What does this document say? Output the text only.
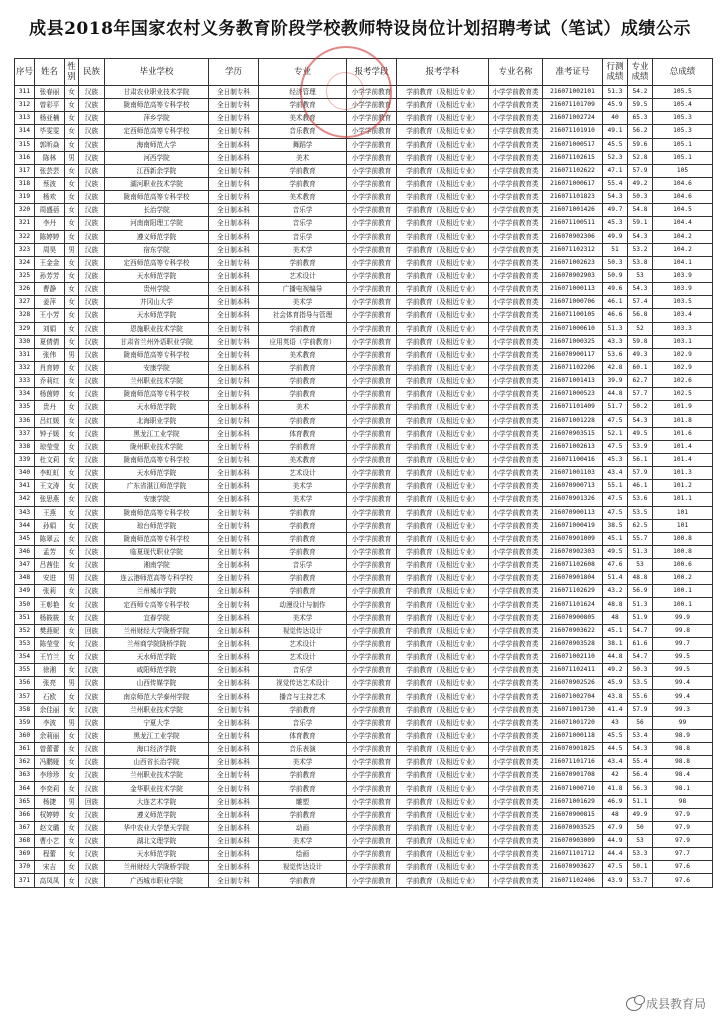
成县2018年国家农村义务教育阶段学校教师特设岗位计划招聘考试（笔试）成绩公示
序号	姓名	性别	民族	毕业学校	学历	专业	报考学段	报考学科	专业名称	准考证号	行测成绩	专业成绩	总成绩
311	张春丽	女	汉族	甘肃农业职业技术学院	全日制专科	经济管理	小学学前教育	学前教育（及相近专业）	小学学前教育类	216071002101	51.3	54.2	105.5
312	曾彩平	女	汉族	陇南师范高等专科学校	全日制专科	学前教育	小学学前教育	学前教育（及相近专业）	小学学前教育类	216071101709	45.9	59.5	105.4
313	杨亚楠	女	汉族	萍乡学院	全日制专科	美术教育	小学学前教育	学前教育（及相近专业）	小学学前教育类	216071002724	40	65.3	105.3
314	毕雯雯	女	汉族	定西师范高等专科学校	全日制专科	音乐教育	小学学前教育	学前教育（及相近专业）	小学学前教育类	216071101910	49.1	56.2	105.3
315	郭昕焱	女	汉族	海南师范大学	全日制本科	舞蹈学	小学学前教育	学前教育（及相近专业）	小学学前教育类	216071000517	45.5	59.6	105.1
316	陈林	男	汉族	河西学院	全日制本科	美术	小学学前教育	学前教育（及相近专业）	小学学前教育类	216071102615	52.3	52.8	105.1
317	张芸芸	女	汉族	江西新余学院	全日制专科	学前教育	小学学前教育	学前教育（及相近专业）	小学学前教育类	216071102622	47.1	57.9	105
318	蔡波	女	汉族	湖河职业技术学院	全日制专科	学前教育	小学学前教育	学前教育（及相近专业）	小学学前教育类	216071000617	55.4	49.2	104.6
319	杨欢	女	汉族	陇南师范高等专科学校	全日制专科	美术教育	小学学前教育	学前教育（及相近专业）	小学学前教育类	216071101823	54.3	50.3	104.6
320	周盛蓓	女	汉族	长治学院	全日制本科	音乐学	小学学前教育	学前教育（及相近专业）	小学学前教育类	216071001426	49.7	54.8	104.5
321	李丹	女	汉族	河南南阳理工学院	全日制本科	音乐学	小学学前教育	学前教育（及相近专业）	小学学前教育类	216071100511	45.3	59.1	104.4
322	陈婷婷	女	汉族	遵义师范学院	全日制本科	音乐学	小学学前教育	学前教育（及相近专业）	小学学前教育类	216070902306	49.9	54.3	104.2
323	周昊	男	汉族	宿东学院	全日制本科	美术学	小学学前教育	学前教育（及相近专业）	小学学前教育类	216071102312	51	53.2	104.2
324	王金金	女	汉族	定西师范高等专科学校	全日制专科	学前教育	小学学前教育	学前教育（及相近专业）	小学学前教育类	216071002623	50.3	53.8	104.1
325	孙芳芳	女	汉族	天水师范学院	全日制本科	艺术设计	小学学前教育	学前教育（及相近专业）	小学学前教育类	216070902903	50.9	53	103.9
326	曹静	女	汉族	贵州学院	全日制本科	广播电视编导	小学学前教育	学前教育（及相近专业）	小学学前教育类	216071000113	49.6	54.3	103.9
327	姜萍	女	汉族	井冈山大学	全日制本科	美术学	小学学前教育	学前教育（及相近专业）	小学学前教育类	216071000706	46.1	57.4	103.5
328	王小芳	女	汉族	天水师范学院	全日制本科	社会体育指导与管理	小学学前教育	学前教育（及相近专业）	小学学前教育类	216071100105	46.6	56.8	103.4
329	刘娟	女	汉族	恩施职业技术学院	全日制专科	学前教育	小学学前教育	学前教育（及相近专业）	小学学前教育类	216071000610	51.3	52	103.3
330	夏倩倩	女	汉族	甘肃省兰州外语职业学院	全日制专科	应用英语（学前教育）	小学学前教育	学前教育（及相近专业）	小学学前教育类	216071000325	43.3	59.8	103.1
331	张伟	男	汉族	陇南师范高等专科学校	全日制专科	美术教育	小学学前教育	学前教育（及相近专业）	小学学前教育类	216070900117	53.6	49.3	102.9
332	肖育婷	女	汉族	安康学院	全日制本科	学前教育	小学学前教育	学前教育（及相近专业）	小学学前教育类	216071102206	42.8	60.1	102.9
333	乔莉红	女	汉族	兰州职业技术学院	全日制专科	学前教育	小学学前教育	学前教育（及相近专业）	小学学前教育类	216071001413	39.9	62.7	102.6
334	杨茵婷	女	汉族	陇南师范高等专科学校	全日制专科	学前教育	小学学前教育	学前教育（及相近专业）	小学学前教育类	216071000523	44.8	57.7	102.5
335	贵丹	女	汉族	天水师范学院	全日制本科	美术	小学学前教育	学前教育（及相近专业）	小学学前教育类	216071101409	51.7	50.2	101.9
336	吕红媛	女	汉族	北海职业学院	全日制专科	学前教育	小学学前教育	学前教育（及相近专业）	小学学前教育类	216071001228	47.5	54.3	101.8
337	钟子媛	女	汉族	黑龙江工业学院	全日制本科	体育教育	小学学前教育	学前教育（及相近专业）	小学学前教育类	216070903515	52.1	49.5	101.6
338	琼莹莹	女	汉族	陇州职业技术学院	全日制专科	学前教育	小学学前教育	学前教育（及相近专业）	小学学前教育类	216071002613	47.5	53.9	101.4
339	杜文莉	女	汉族	陇南师范高等专科学校	全日制专科	美术教育	小学学前教育	学前教育（及相近专业）	小学学前教育类	216071100416	45.3	56.1	101.4
340	李虹虹	女	汉族	天水师范学院	全日制本科	艺术设计	小学学前教育	学前教育（及相近专业）	小学学前教育类	216071001103	43.4	57.9	101.3
341	王文涛	女	汉族	广东省湛江师范学院	全日制本科	美术学	小学学前教育	学前教育（及相近专业）	小学学前教育类	216070900713	55.1	46.1	101.2
342	张思燕	女	汉族	安康学院	全日制本科	美术学	小学学前教育	学前教育（及相近专业）	小学学前教育类	216070901326	47.5	53.6	101.1
343	王燕	女	汉族	陇南师范高等专科学校	全日制专科	学前教育	小学学前教育	学前教育（及相近专业）	小学学前教育类	216070900113	47.5	53.5	101
344	孙娟	女	汉族	琼台师范学院	全日制专科	学前教育	小学学前教育	学前教育（及相近专业）	小学学前教育类	216071000419	38.5	62.5	101
345	陈翠云	女	汉族	陇南师范高等专科学校	全日制专科	学前教育	小学学前教育	学前教育（及相近专业）	小学学前教育类	216070901009	45.1	55.7	100.8
346	孟芳	女	汉族	临夏现代职业学院	全日制专科	学前教育	小学学前教育	学前教育（及相近专业）	小学学前教育类	216070902303	49.5	51.3	100.8
347	吕茜佳	女	汉族	湘南学院	全日制本科	音乐学	小学学前教育	学前教育（及相近专业）	小学学前教育类	216071102608	47.6	53	100.6
348	安进	男	汉族	连云港师范高等专科学校	全日制专科	学前教育	小学学前教育	学前教育（及相近专业）	小学学前教育类	216070901804	51.4	48.8	100.2
349	张莉	女	汉族	兰州城市学院	全日制本科	学前教育	小学学前教育	学前教育（及相近专业）	小学学前教育类	216071102629	43.2	56.9	100.1
350	王彰艳	女	汉族	定西师专高等专科学校	全日制专科	动漫设计与制作	小学学前教育	学前教育（及相近专业）	小学学前教育类	216071101624	48.8	51.3	100.1
351	杨筱筱	女	汉族	宜春学院	全日制本科	美术学	小学学前教育	学前教育（及相近专业）	小学学前教育类	216070900805	48	51.9	99.9
352	樊燕妮	女	回族	兰州财经大学陇桥学院	全日制本科	视觉传达设计	小学学前教育	学前教育（及相近专业）	小学学前教育类	216070903622	45.1	54.7	99.8
353	陈莹莹	女	汉族	兰州商学院陇桥学院	全日制本科	艺术设计	小学学前教育	学前教育（及相近专业）	小学学前教育类	216070903528	38.1	61.6	99.7
354	王竹兰	女	汉族	天水师范学院	全日制本科	艺术设计	小学学前教育	学前教育（及相近专业）	小学学前教育类	216071002110	44.8	54.7	99.5
355	徐湘	女	汉族	咸阳师范学院	全日制本科	音乐学	小学学前教育	学前教育（及相近专业）	小学学前教育类	216071102411	49.2	50.3	99.5
356	张亮	男	汉族	山西传媒学院	全日制本科	视觉传达艺术设计	小学学前教育	学前教育（及相近专业）	小学学前教育类	216070902526	45.9	53.5	99.4
357	石欧	女	汉族	南京师范大学泰州学院	全日制本科	播音与主持艺术	小学学前教育	学前教育（及相近专业）	小学学前教育类	216071002704	43.8	55.6	99.4
358	余佳丽	女	汉族	兰州职业技术学院	全日制专科	学前教育	小学学前教育	学前教育（及相近专业）	小学学前教育类	216071001730	41.4	57.9	99.3
359	李波	男	汉族	宁夏大学	全日制本科	音乐学	小学学前教育	学前教育（及相近专业）	小学学前教育类	216071001720	43	56	99
360	余莉丽	女	汉族	黑龙江工业学院	全日制专科	体育教育	小学学前教育	学前教育（及相近专业）	小学学前教育类	216071000118	45.5	53.4	98.9
361	曾蕾蕾	女	汉族	海口经济学院	全日制本科	音乐表演	小学学前教育	学前教育（及相近专业）	小学学前教育类	216070901025	44.5	54.3	98.8
362	冯鹏娅	女	汉族	山西省长治学院	全日制本科	美术学	小学学前教育	学前教育（及相近专业）	小学学前教育类	216071101716	43.4	55.4	98.8
363	李珍珍	女	汉族	兰州职业技术学院	全日制专科	学前教育	小学学前教育	学前教育（及相近专业）	小学学前教育类	216070901708	42	56.4	98.4
364	李奕莉	女	汉族	金华职业技术学院	全日制专科	学前教育	小学学前教育	学前教育（及相近专业）	小学学前教育类	216071000710	41.8	56.3	98.1
365	杨捷	男	回族	大连艺术学院	全日制本科	雕塑	小学学前教育	学前教育（及相近专业）	小学学前教育类	216071001629	46.9	51.1	98
366	权婷婷	女	汉族	遵义师范学院	全日制本科	学前教育	小学学前教育	学前教育（及相近专业）	小学学前教育类	216070900815	48	49.9	97.9
367	赵文璐	女	汉族	华中农业大学楚天学院	全日制本科	动画	小学学前教育	学前教育（及相近专业）	小学学前教育类	216070903525	47.9	50	97.9
368	曹小艺	女	汉族	湖北文理学院	全日制本科	美术学	小学学前教育	学前教育（及相近专业）	小学学前教育类	216070903009	44.9	53	97.9
369	程蕾	女	汉族	天水师范学院	全日制本科	绘画	小学学前教育	学前教育（及相近专业）	小学学前教育类	216071101712	44.4	53.3	97.7
370	宋吉	女	汉族	兰州财经大学陇桥学院	全日制本科	视觉传达设计	小学学前教育	学前教育（及相近专业）	小学学前教育类	216070903627	47.5	50.1	97.6
371	高凤凤	女	汉族	广西城市职业学院	全日制专科	学前教育	小学学前教育	学前教育（及相近专业）	小学学前教育类	216071102406	43.9	53.7	97.6
成县教育局
